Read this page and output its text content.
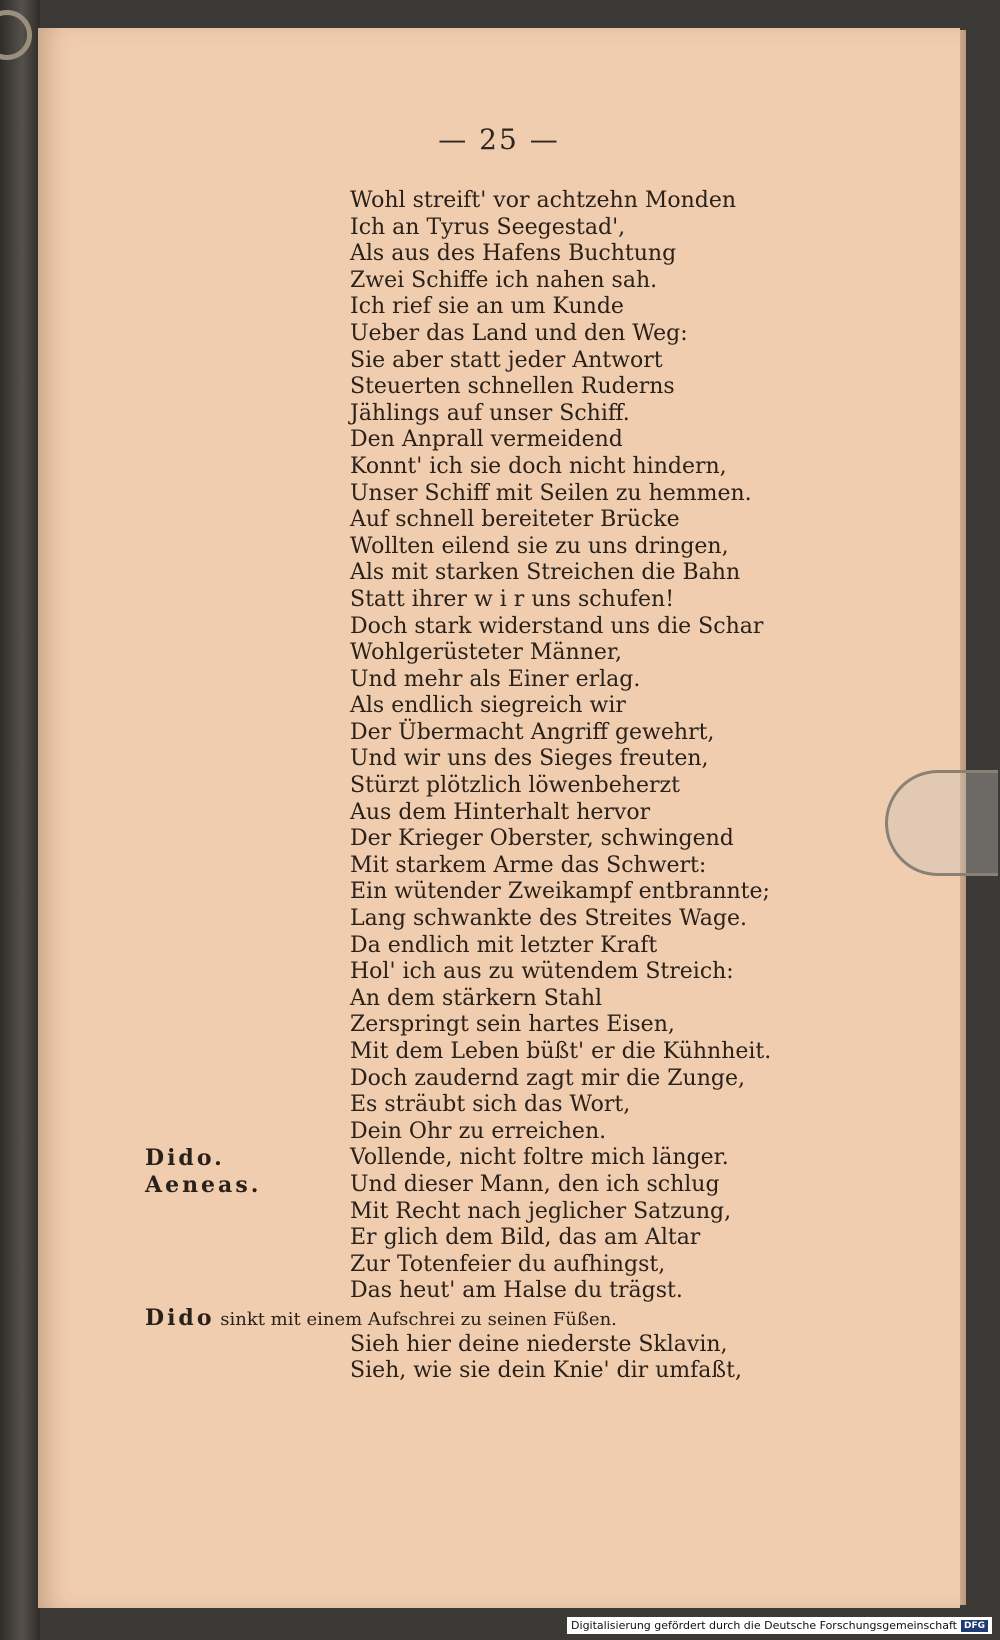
— 25 —
Wohl streift' vor achtzehn Monden
Ich an Tyrus Seegestad',
Als aus des Hafens Buchtung
Zwei Schiffe ich nahen sah.
Ich rief sie an um Kunde
Ueber das Land und den Weg:
Sie aber statt jeder Antwort
Steuerten schnellen Ruderns
Jählings auf unser Schiff.
Den Anprall vermeidend
Konnt' ich sie doch nicht hindern,
Unser Schiff mit Seilen zu hemmen.
Auf schnell bereiteter Brücke
Wollten eilend sie zu uns dringen,
Als mit starken Streichen die Bahn
Statt ihrer w i r uns schufen!
Doch stark widerstand uns die Schar
Wohlgerüsteter Männer,
Und mehr als Einer erlag.
Als endlich siegreich wir
Der Übermacht Angriff gewehrt,
Und wir uns des Sieges freuten,
Stürzt plötzlich löwenbeherzt
Aus dem Hinterhalt hervor
Der Krieger Oberster, schwingend
Mit starkem Arme das Schwert:
Ein wütender Zweikampf entbrannte;
Lang schwankte des Streites Wage.
Da endlich mit letzter Kraft
Hol' ich aus zu wütendem Streich:
An dem stärkern Stahl
Zerspringt sein hartes Eisen,
Mit dem Leben büßt' er die Kühnheit.
Doch zaudernd zagt mir die Zunge,
Es sträubt sich das Wort,
Dein Ohr zu erreichen.
Dido.	Vollende, nicht foltre mich länger.
Aeneas.	Und dieser Mann, den ich schlug
Mit Recht nach jeglicher Satzung,
Er glich dem Bild, das am Altar
Zur Totenfeier du aufhingst,
Das heut' am Halse du trägst.
Dido sinkt mit einem Aufschrei zu seinen Füßen.
Sieh hier deine niederste Sklavin,
Sieh, wie sie dein Knie' dir umfaßt,
Digitalisierung gefördert durch die Deutsche Forschungsgemeinschaft DFG
